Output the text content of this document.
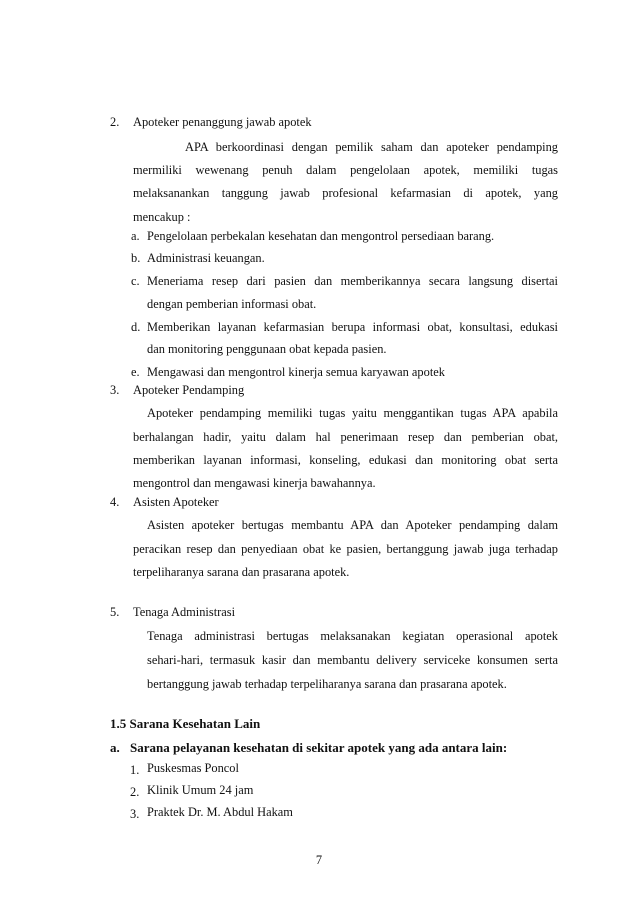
2. Apoteker penanggung jawab apotek
APA berkoordinasi dengan pemilik saham dan apoteker pendamping
mermiliki wewenang penuh dalam pengelolaan apotek, memiliki tugas
melaksanankan tanggung jawab profesional kefarmasian di apotek, yang
mencakup :
a. Pengelolaan perbekalan kesehatan dan mengontrol persediaan barang.
b. Administrasi keuangan.
c. Meneriama resep dari pasien dan memberikannya secara langsung disertai
dengan pemberian informasi obat.
d. Memberikan layanan kefarmasian berupa informasi obat, konsultasi, edukasi
dan monitoring penggunaan obat kepada pasien.
e. Mengawasi dan mengontrol kinerja semua karyawan apotek
3. Apoteker Pendamping
Apoteker pendamping memiliki tugas yaitu menggantikan tugas APA apabila
berhalangan hadir, yaitu dalam hal penerimaan resep dan pemberian obat,
memberikan layanan informasi, konseling, edukasi dan monitoring obat serta
mengontrol dan mengawasi kinerja bawahannya.
4. Asisten Apoteker
Asisten apoteker bertugas membantu APA dan Apoteker pendamping dalam
peracikan resep dan penyediaan obat ke pasien, bertanggung jawab juga terhadap
terpeliharanya sarana dan prasarana apotek.
5. Tenaga Administrasi
Tenaga administrasi bertugas melaksanakan kegiatan operasional apotek
sehari-hari, termasuk kasir dan membantu delivery serviceke konsumen serta
bertanggung jawab terhadap terpeliharanya sarana dan prasarana apotek.
1.5 Sarana Kesehatan Lain
a. Sarana pelayanan kesehatan di sekitar apotek yang ada antara lain:
1. Puskesmas Poncol
2. Klinik Umum 24 jam
3. Praktek Dr. M. Abdul Hakam
7
